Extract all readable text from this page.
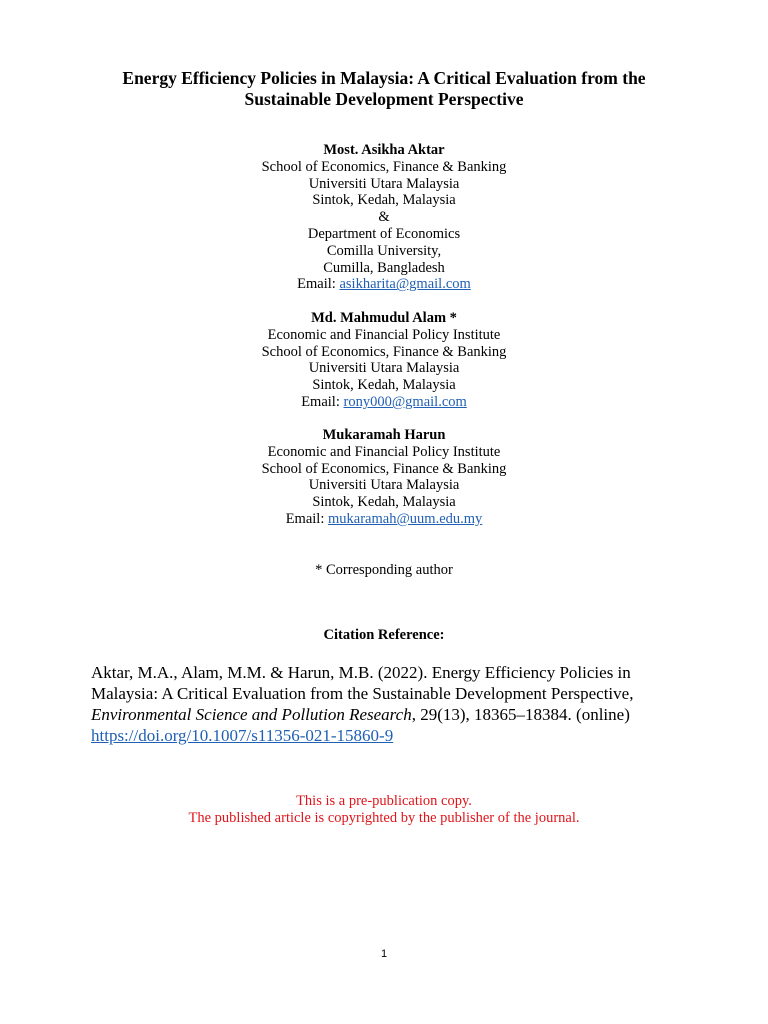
Energy Efficiency Policies in Malaysia: A Critical Evaluation from the
Sustainable Development Perspective
Most. Asikha Aktar
School of Economics, Finance & Banking
Universiti Utara Malaysia
Sintok, Kedah, Malaysia
&
Department of Economics
Comilla University,
Cumilla, Bangladesh
Email: asikharita@gmail.com
Md. Mahmudul Alam *
Economic and Financial Policy Institute
School of Economics, Finance & Banking
Universiti Utara Malaysia
Sintok, Kedah, Malaysia
Email: rony000@gmail.com
Mukaramah Harun
Economic and Financial Policy Institute
School of Economics, Finance & Banking
Universiti Utara Malaysia
Sintok, Kedah, Malaysia
Email: mukaramah@uum.edu.my
* Corresponding author
Citation Reference:
Aktar, M.A., Alam, M.M. & Harun, M.B. (2022). Energy Efficiency Policies in Malaysia: A Critical Evaluation from the Sustainable Development Perspective, Environmental Science and Pollution Research, 29(13), 18365–18384. (online) https://doi.org/10.1007/s11356-021-15860-9
This is a pre-publication copy.
The published article is copyrighted by the publisher of the journal.
1
